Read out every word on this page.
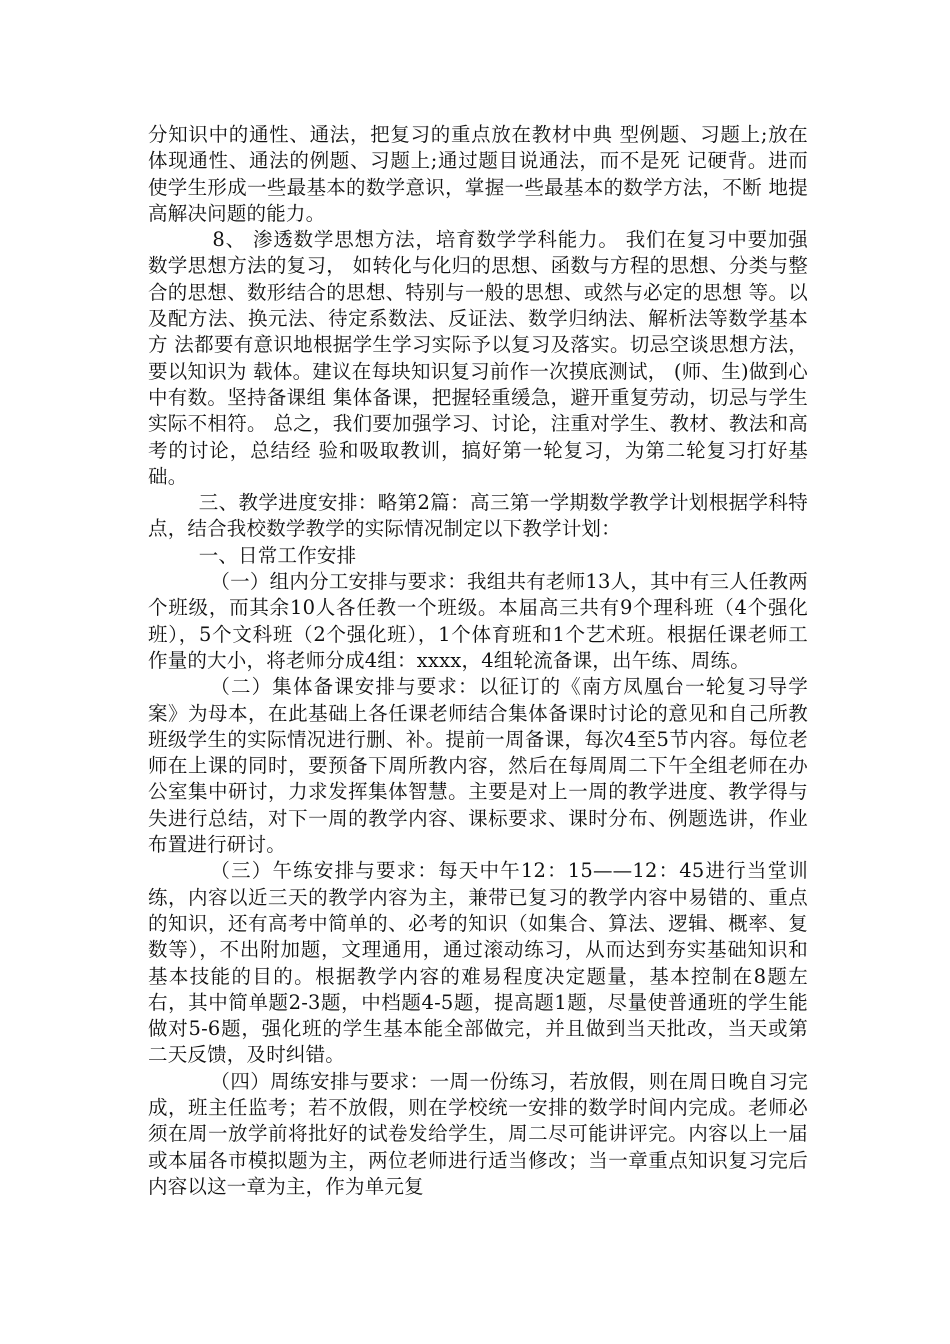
分知识中的通性、通法，把复习的重点放在教材中典 型例题、习题上;放在体现通性、通法的例题、习题上;通过题目说通法，而不是死 记硬背。进而使学生形成一些最基本的数学意识，掌握一些最基本的数学方法，不断 地提高解决问题的能力。

8、 渗透数学思想方法，培育数学学科能力。 我们在复习中要加强数学思想方法的复习， 如转化与化归的思想、函数与方程的思想、分类与整合的思想、数形结合的思想、特别与一般的思想、或然与必定的思想 等。以及配方法、换元法、待定系数法、反证法、数学归纳法、解析法等数学基本方 法都要有意识地根据学生学习实际予以复习及落实。切忌空谈思想方法，要以知识为 载体。建议在每块知识复习前作一次摸底测试， (师、生)做到心中有数。坚持备课组 集体备课，把握轻重缓急，避开重复劳动，切忌与学生实际不相符。 总之，我们要加强学习、讨论，注重对学生、教材、教法和高考的讨论，总结经 验和吸取教训，搞好第一轮复习，为第二轮复习打好基础。

三、教学进度安排：略第2篇：高三第一学期数学教学计划根据学科特点，结合我校数学教学的实际情况制定以下教学计划：

一、日常工作安排

（一）组内分工安排与要求：我组共有老师13人，其中有三人任教两个班级，而其余10人各任教一个班级。本届高三共有9个理科班（4个强化班），5个文科班（2个强化班），1个体育班和1个艺术班。根据任课老师工作量的大小，将老师分成4组：xxxx，4组轮流备课，出午练、周练。

（二）集体备课安排与要求：以征订的《南方凤凰台一轮复习导学案》为母本，在此基础上各任课老师结合集体备课时讨论的意见和自己所教班级学生的实际情况进行删、补。提前一周备课，每次4至5节内容。每位老师在上课的同时，要预备下周所教内容，然后在每周周二下午全组老师在办公室集中研讨，力求发挥集体智慧。主要是对上一周的教学进度、教学得与失进行总结，对下一周的教学内容、课标要求、课时分布、例题选讲，作业布置进行研讨。

（三）午练安排与要求：每天中午12：15——12：45进行当堂训练，内容以近三天的教学内容为主，兼带已复习的教学内容中易错的、重点的知识，还有高考中简单的、必考的知识（如集合、算法、逻辑、概率、复数等），不出附加题，文理通用，通过滚动练习，从而达到夯实基础知识和基本技能的目的。根据教学内容的难易程度决定题量，基本控制在8题左右，其中简单题2-3题，中档题4-5题，提高题1题，尽量使普通班的学生能做对5-6题，强化班的学生基本能全部做完，并且做到当天批改，当天或第二天反馈，及时纠错。

（四）周练安排与要求：一周一份练习，若放假，则在周日晚自习完成，班主任监考；若不放假，则在学校统一安排的数学时间内完成。老师必须在周一放学前将批好的试卷发给学生，周二尽可能讲评完。内容以上一届或本届各市模拟题为主，两位老师进行适当修改；当一章重点知识复习完后内容以这一章为主，作为单元复
